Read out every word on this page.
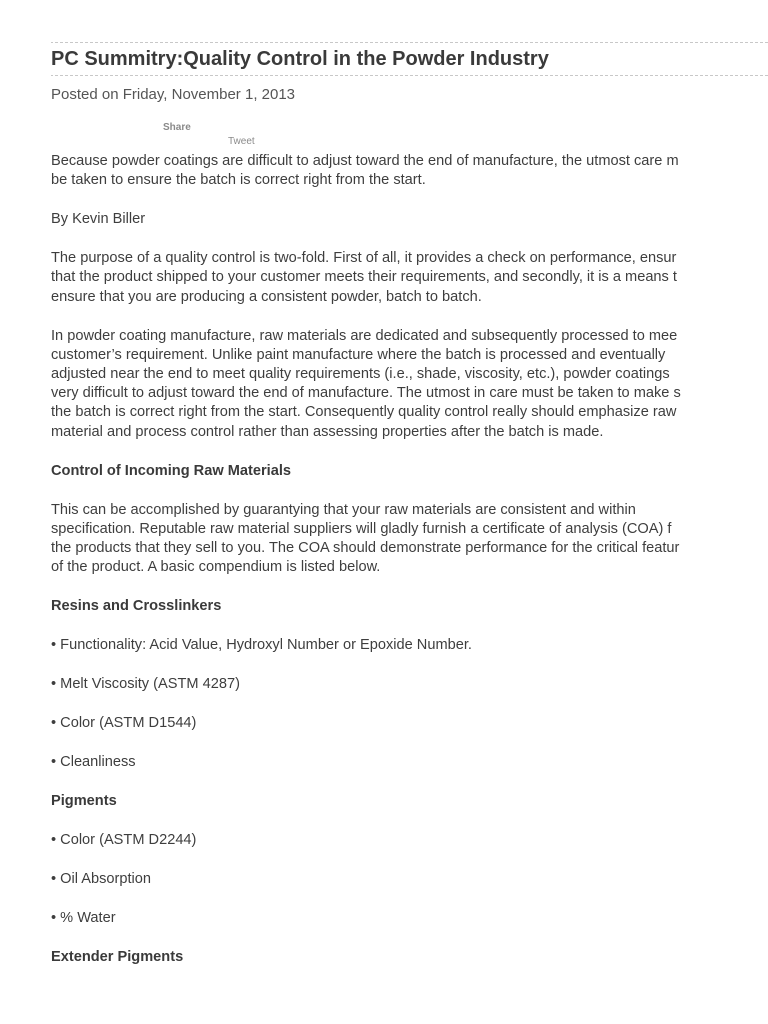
PC Summitry:Quality Control in the Powder Industry
Posted on Friday, November 1, 2013
Share
Tweet

Because powder coatings are difficult to adjust toward the end of manufacture, the utmost care m
be taken to ensure the batch is correct right from the start.

By Kevin Biller

The purpose of a quality control is two-fold. First of all, it provides a check on performance, ensur
that the product shipped to your customer meets their requirements, and secondly, it is a means t
ensure that you are producing a consistent powder, batch to batch.

In powder coating manufacture, raw materials are dedicated and subsequently processed to mee
customer’s requirement. Unlike paint manufacture where the batch is processed and eventually
adjusted near the end to meet quality requirements (i.e., shade, viscosity, etc.), powder coatings
very difficult to adjust toward the end of manufacture. The utmost in care must be taken to make s
the batch is correct right from the start. Consequently quality control really should emphasize raw
material and process control rather than assessing properties after the batch is made.

Control of Incoming Raw Materials

This can be accomplished by guarantying that your raw materials are consistent and within
specification. Reputable raw material suppliers will gladly furnish a certificate of analysis (COA) f
the products that they sell to you. The COA should demonstrate performance for the critical featur
of the product. A basic compendium is listed below.

Resins and Crosslinkers

• Functionality: Acid Value, Hydroxyl Number or Epoxide Number.

• Melt Viscosity (ASTM 4287)

• Color (ASTM D1544)

• Cleanliness

Pigments

• Color (ASTM D2244)

• Oil Absorption

• % Water

Extender Pigments
